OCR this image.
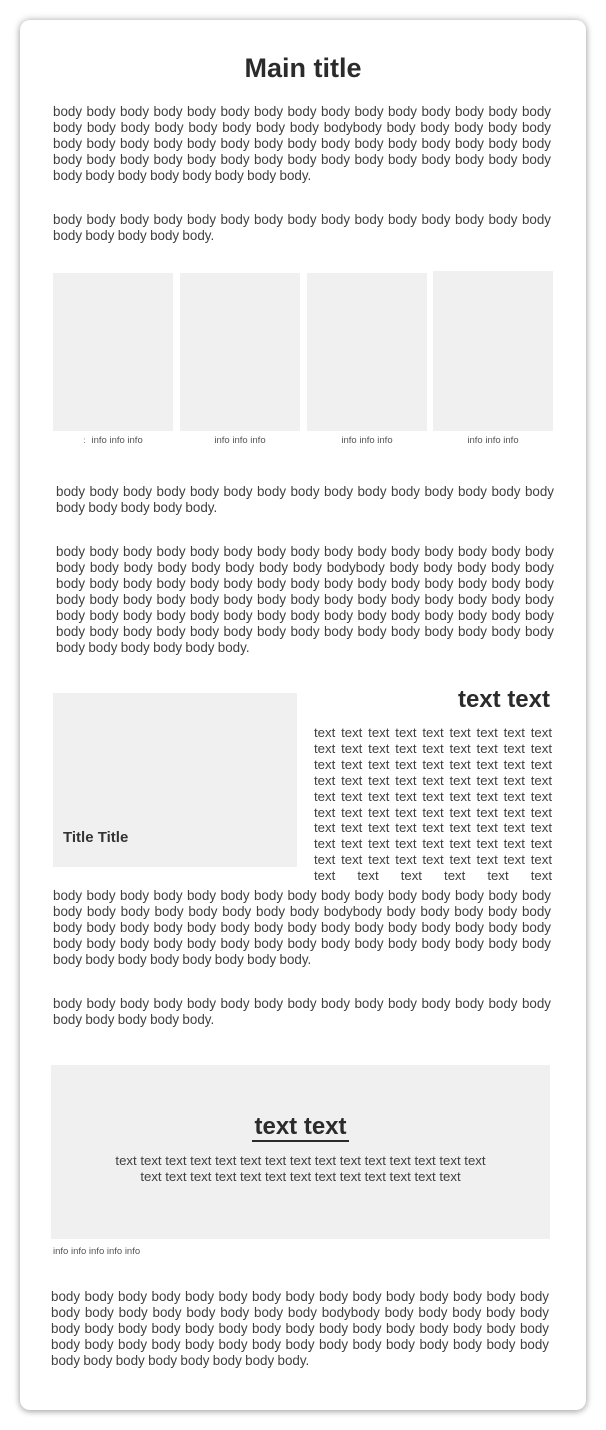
Main title

body body body body body body body body body body body body body body body body body body body body body body body bodybody body body body body body body body body body body body body body body body body body body body body body body body body body body body body body body body body body body body body body body body body body body body.

body body body body body body body body body body body body body body body body body body body body.

: info info info	info info info	info info info	info info info

body body body body body body body body body body body body body body body body body body body body.

body body body body body body body body body body body body body body body body body body body body body body body bodybody body body body body body body body body body body body body body body body body body body body body body body body body body body body body body body body body body body body body body body body body body body body body body body body body body body body body body body body body body body body body body body body body body body body body body body body.

Title Title
text text

text text text text text text text text text text text text text text text text text text text text text text text text text text text text text text text text text text text text text text text text text text text text text text text text text text text text text text text text text text text text text text text text text text text text text text text text text text text text text text text text text text text text text text text

body body body body body body body body body body body body body body body body body body body body body body body bodybody body body body body body body body body body body body body body body body body body body body body body body body body body body body body body body body body body body body body body body body body body body body.

body body body body body body body body body body body body body body body body body body body body.

text text

text text text text text text text text text text text text text text text text text text text text text text text text text text text text

info info info info info

body body body body body body body body body body body body body body body body body body body body body body body bodybody body body body body body body body body body body body body body body body body body body body body body body body body body body body body body body body body body body body body body body body body body body body.
